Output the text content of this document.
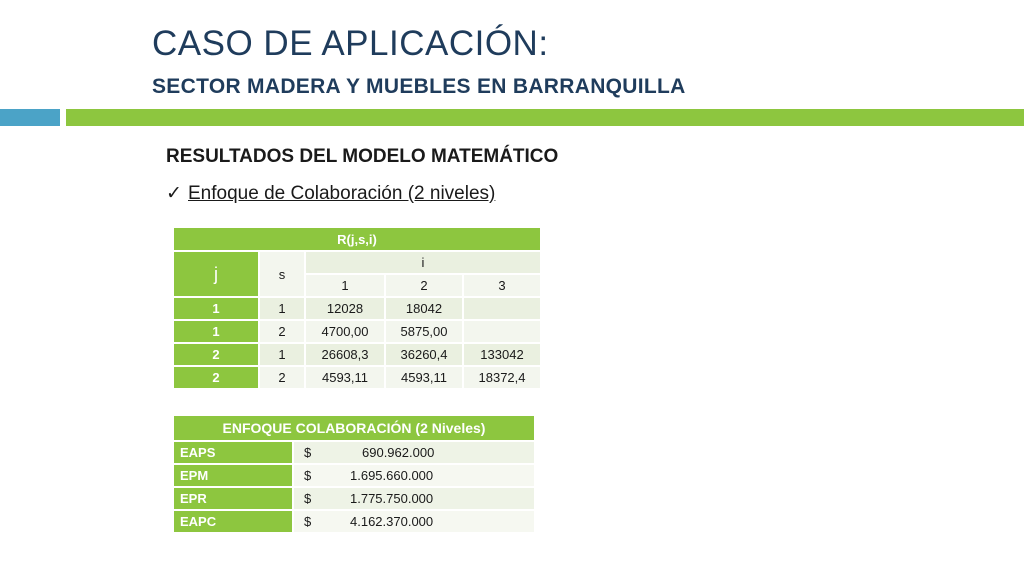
CASO DE APLICACIÓN:
SECTOR MADERA Y MUEBLES EN BARRANQUILLA
RESULTADOS DEL MODELO MATEMÁTICO
✓ Enfoque de Colaboración (2 niveles)
R(j,s,i)				
j	s	i		
		1	2	3
1	1	12028	18042	
1	2	4700,00	5875,00	
2	1	26608,3	36260,4	133042
2	2	4593,11	4593,11	18372,4
ENFOQUE COLABORACIÓN (2 Niveles)	
EAPS	$ 690.962.000
EPM	$ 1.695.660.000
EPR	$ 1.775.750.000
EAPC	$ 4.162.370.000
